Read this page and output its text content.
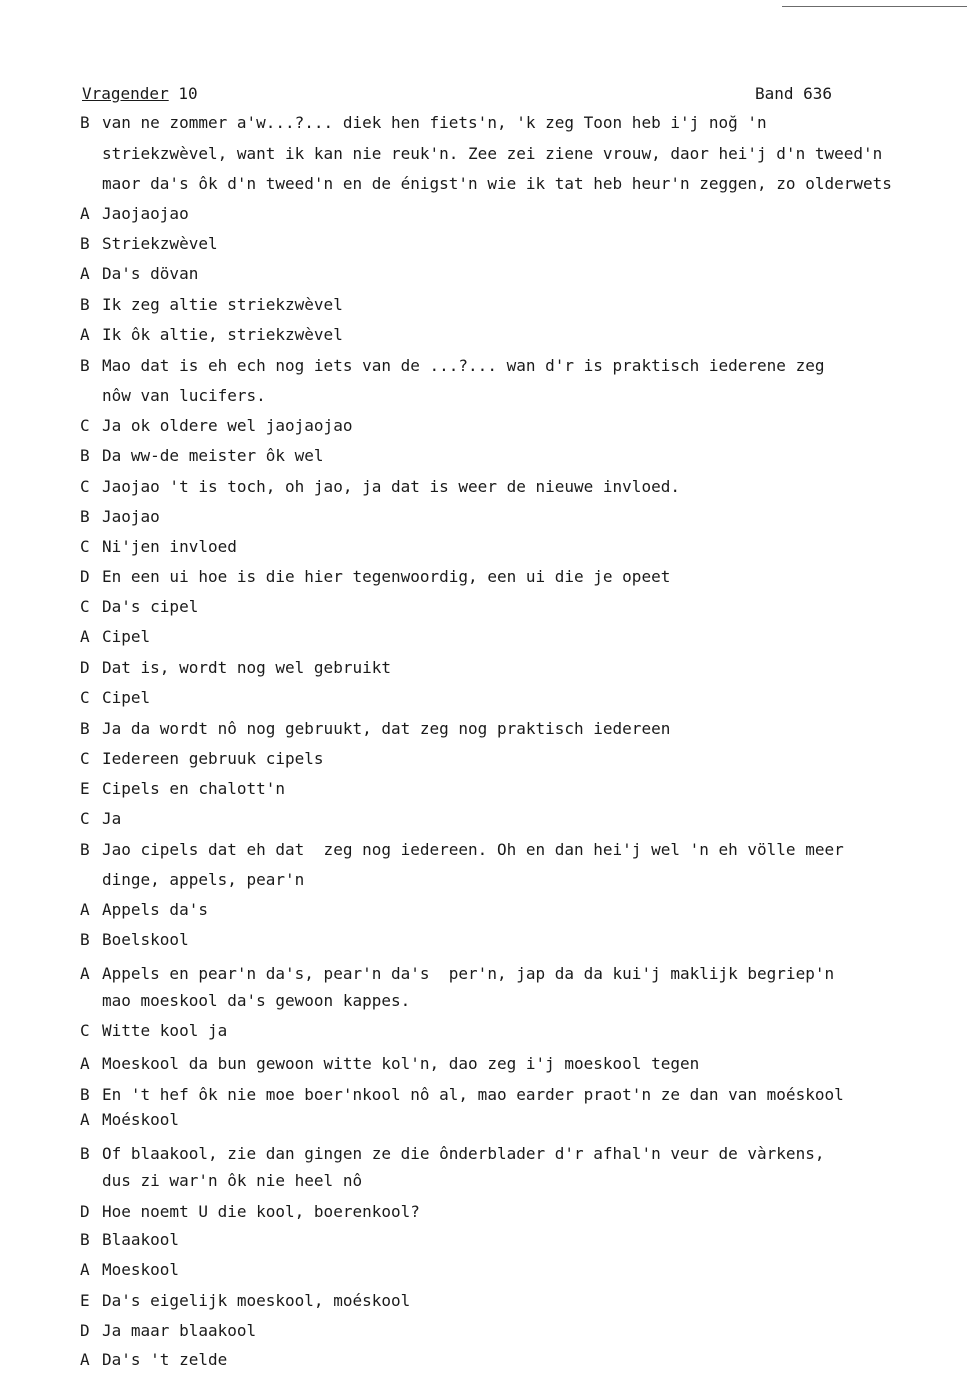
Vragender 10	Band 636
B van ne zommer a'w...?... diek hen fiets'n, 'k zeg Toon heb i'j noğ 'n
striekzwèvel, want ik kan nie reuk'n. Zee zei ziene vrouw, daor hei'j d'n tweed'n
maor da's ôk d'n tweed'n en de énigst'n wie ik tat heb heur'n zeggen, zo olderwets
A Jaojaojao
B Striekzwèvel
A Da's dövan
B Ik zeg altie striekzwèvel
A Ik ôk altie, striekzwèvel
B Mao dat is eh ech nog iets van de ...?... wan d'r is praktisch iederene zeg
nôw van lucifers.
C Ja ok oldere wel jaojaojao
B Da ww-de meister ôk wel
C Jaojao 't is toch, oh jao, ja dat is weer de nieuwe invloed.
B Jaojao
C Ni'jen invloed
D En een ui hoe is die hier tegenwoordig, een ui die je opeet
C Da's cipel
A Cipel
D Dat is, wordt nog wel gebruikt
C Cipel
B Ja da wordt nô nog gebruukt, dat zeg nog praktisch iedereen
C Iedereen gebruuk cipels
E Cipels en chalott'n
C Ja
B Jao cipels dat eh dat  zeg nog iedereen. Oh en dan hei'j wel 'n eh völle meer
dinge, appels, pear'n
A Appels da's
B Boelskool
A Appels en pear'n da's, pear'n da's  per'n, jap da da kui'j maklijk begriep'n
mao moeskool da's gewoon kappes.
C Witte kool ja
A Moeskool da bun gewoon witte kol'n, dao zeg i'j moeskool tegen
B En 't hef ôk nie moe boer'nkool nô al, mao earder praot'n ze dan van moéskool
A Moéskool
B Of blaakool, zie dan gingen ze die ônderblader d'r afhal'n veur de vàrkens,
dus zi war'n ôk nie heel nô
D Hoe noemt U die kool, boerenkool?
B Blaakool
A Moeskool
E Da's eigelijk moeskool, moéskool
D Ja maar blaakool
A Da's 't zelde
